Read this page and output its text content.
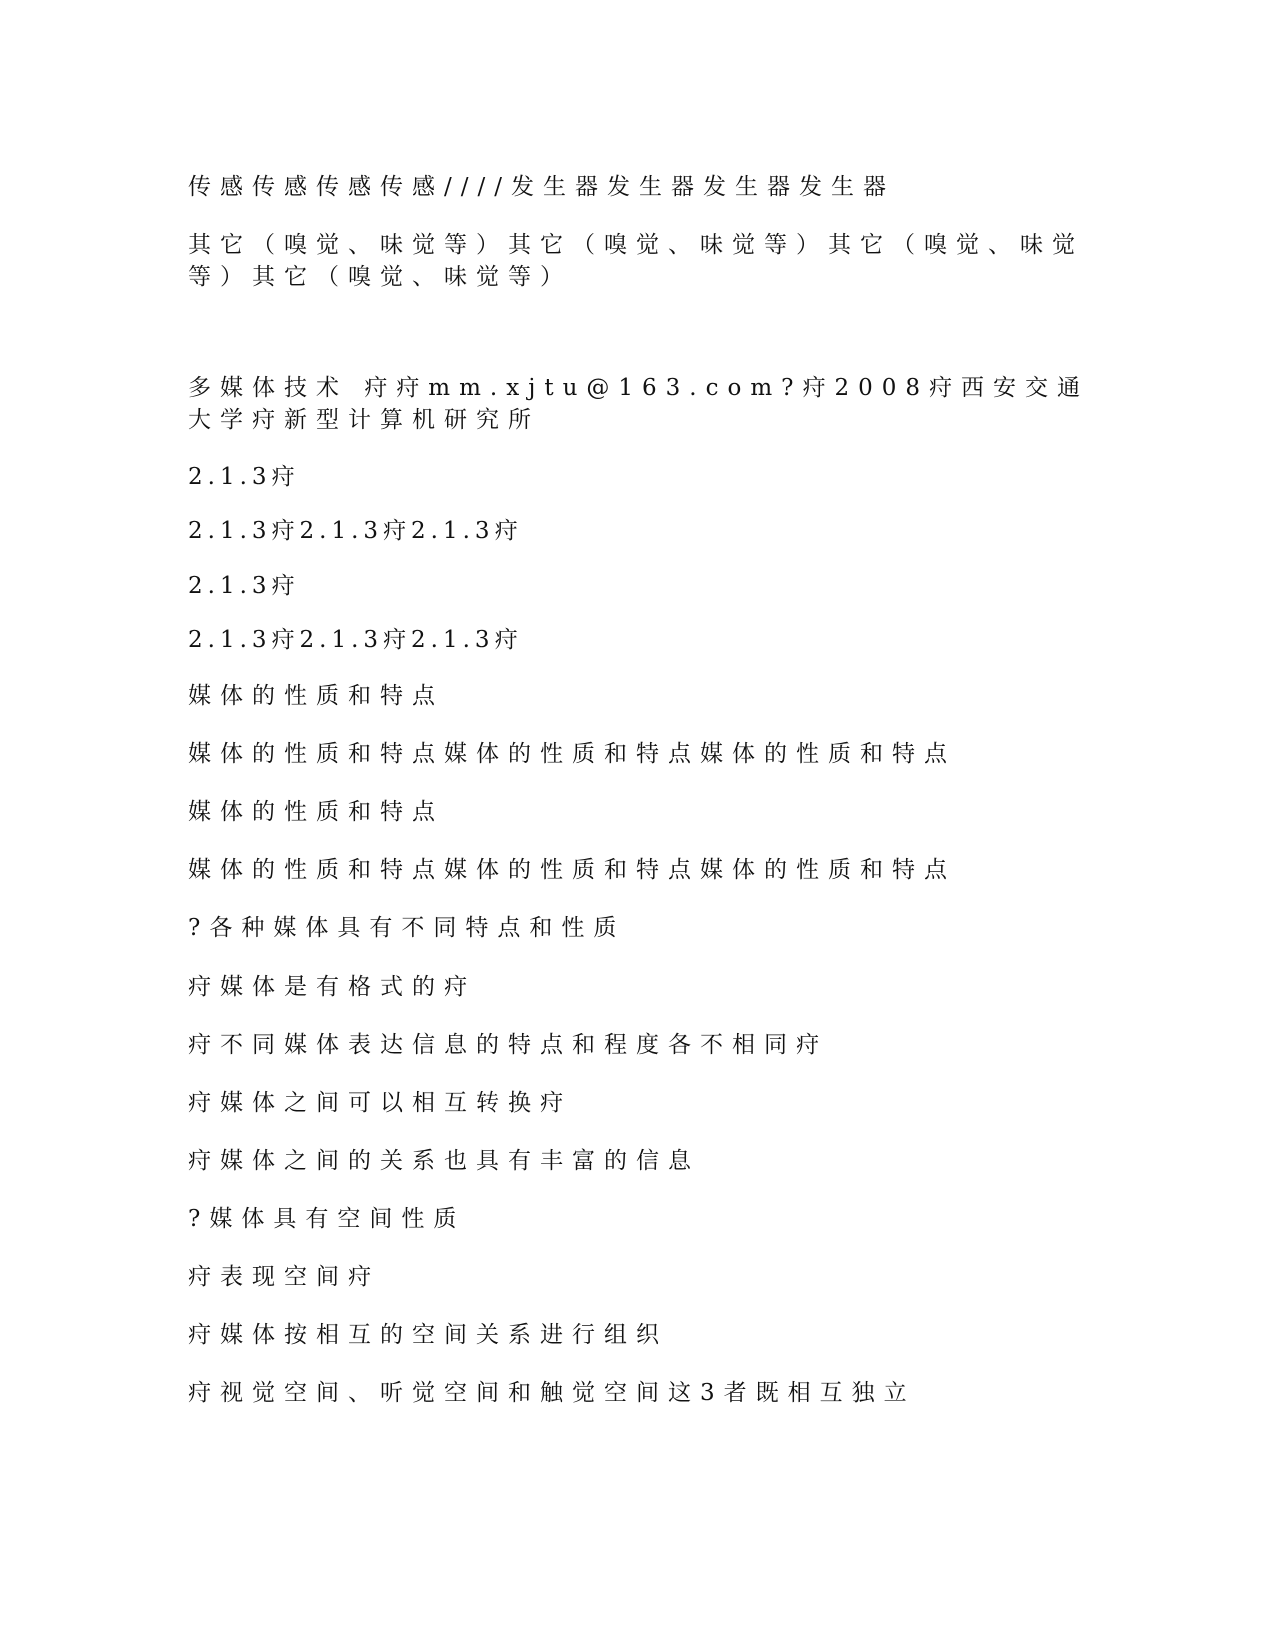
传感传感传感传感////发生器发生器发生器发生器
其它（嗅觉、味觉等）其它（嗅觉、味觉等）其它（嗅觉、味觉等）其它（嗅觉、味觉等）
多媒体技术 疛疛mm.xjtu@163.com?疛2008疛西安交通大学疛新型计算机研究所
2.1.3疛
2.1.3疛2.1.3疛2.1.3疛
2.1.3疛
2.1.3疛2.1.3疛2.1.3疛
媒体的性质和特点
媒体的性质和特点媒体的性质和特点媒体的性质和特点
媒体的性质和特点
媒体的性质和特点媒体的性质和特点媒体的性质和特点
?各种媒体具有不同特点和性质
疛媒体是有格式的疛
疛不同媒体表达信息的特点和程度各不相同疛
疛媒体之间可以相互转换疛
疛媒体之间的关系也具有丰富的信息
?媒体具有空间性质
疛表现空间疛
疛媒体按相互的空间关系进行组织
疛视觉空间、听觉空间和触觉空间这3者既相互独立
